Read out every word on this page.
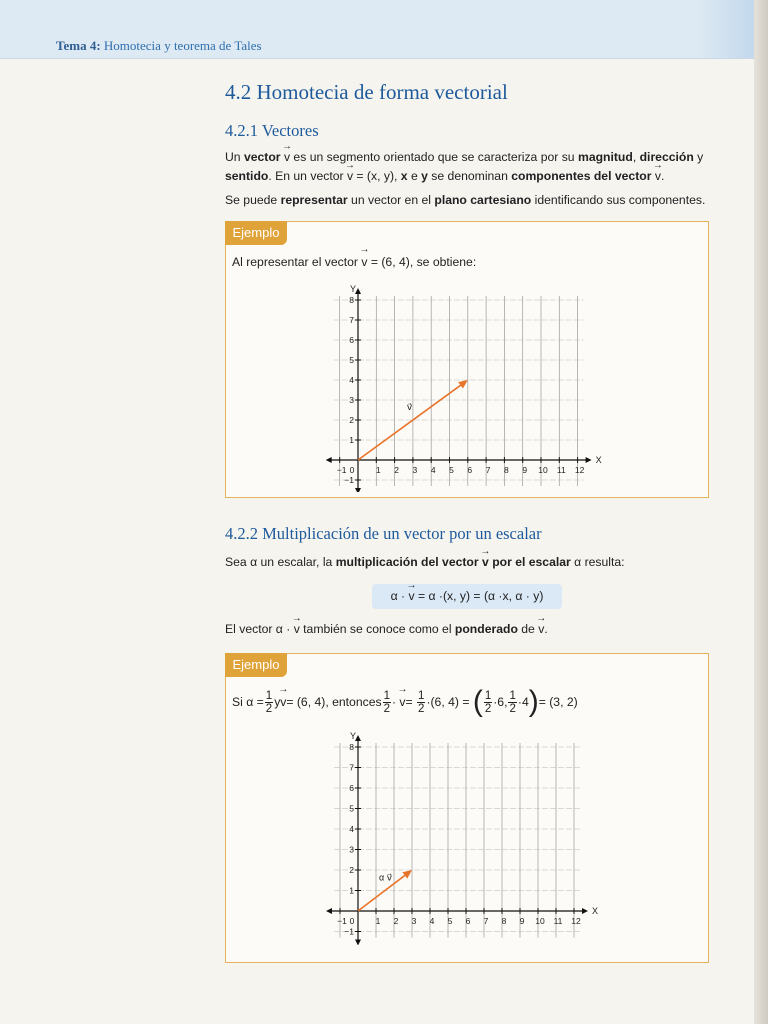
Tema 4: Homotecia y teorema de Tales
4.2 Homotecia de forma vectorial
4.2.1 Vectores
Un vector → v es un segmento orientado que se caracteriza por su magnitud, dirección y
sentido. En un vector → v = (x, y), x e y se denominan componentes del vector → v.
Se puede representar un vector en el plano cartesiano identificando sus componentes.
Ejemplo
Al representar el vector → v = (6, 4), se obtiene:
−1 0	1 2 3 4 5 6 7 8 9 10 11 12
−1
1
2
3
4
5
6
7
8
X
Y
v⃗
4.2.2 Multiplicación de un vector por un escalar
Sea α un escalar, la multiplicación del vector → v por el escalar α resulta:
α · → v = α ·(x, y) = (α ·x, α · y)
El vector α · → v también se conoce como el ponderado de → v.
Ejemplo
Si $\alpha = \frac{1}{2}$ y → v = (6, 4), entonces $\frac{1}{2}$ ·
→ v =
$\frac{1}{2} \cdot(6$, 4) =
( $\frac{1}{2} \cdot 6$, $\frac{1}{2} \cdot 4$ ) = (3, 2)
−1 0	1 2 3 4 5 6 7 8 9 10 11 12
−1
1
2
3
4
5
6
7
8
X
Y
α v⃗
